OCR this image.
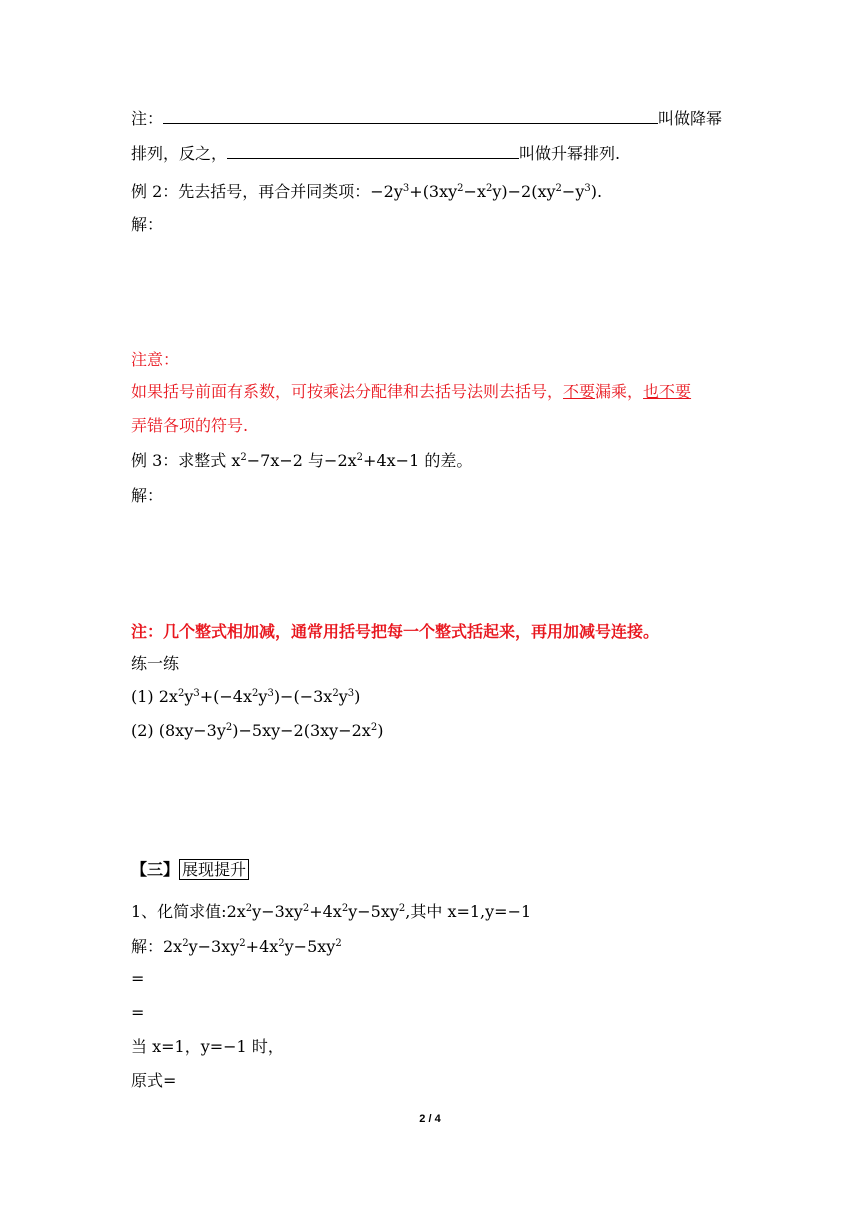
注：	叫做降幂
排列，反之，	叫做升幂排列.
例 2：先去括号，再合并同类项：$-2y^3+(3xy^2-x^2y)-2(xy^2-y^3)$.
解：
注意：
如果括号前面有系数，可按乘法分配律和去括号法则去括号，不要漏乘，也不要
弄错各项的符号.
例 3：求整式 $x^2-7x-2$ 与$-2x^2+4x-1$ 的差。
解：
注：几个整式相加减，通常用括号把每一个整式括起来，再用加减号连接。
练一练
(1) $2x^2y^3+(-4x^2y^3)-(-3x^2y^3)$
(2) $(8xy-3y^2)-5xy-2(3xy-2x^2)$
【三】 展现提升
1、化简求值$:2x^2y-3xy^2+4x^2y-5xy^2$,其中 x=1,y=−1
解：$2x^2y-3xy^2+4x^2y-5xy^2$
=
=
当 x=1，y=−1 时，
原式=
2 / 4
